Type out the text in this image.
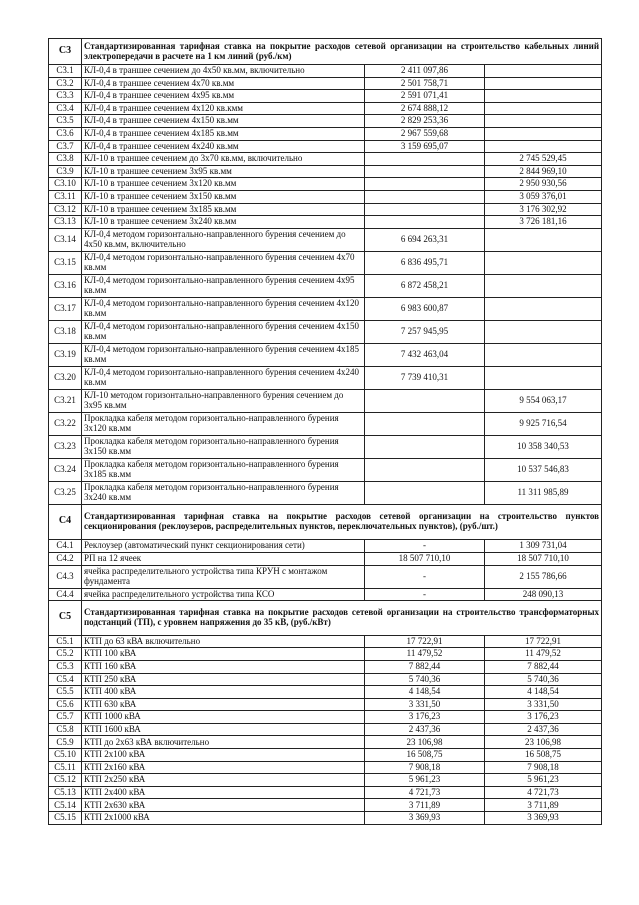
C3	Стандартизированная тарифная ставка на покрытие расходов сетевой организации на строительство кабельных линий электропередачи в расчете на 1 км линий (руб./км)		
C3.1	КЛ-0,4 в траншее сечением до 4х50 кв.мм, включительно	2 411 097,86	
C3.2	КЛ-0,4 в траншее сечением 4х70 кв.мм	2 501 758,71	
C3.3	КЛ-0,4 в траншее сечением 4х95 кв.мм	2 591 071,41	
C3.4	КЛ-0,4 в траншее сечением 4х120 кв.кмм	2 674 888,12	
C3.5	КЛ-0,4 в траншее сечением 4х150 кв.мм	2 829 253,36	
C3.6	КЛ-0,4 в траншее сечением 4х185 кв.мм	2 967 559,68	
C3.7	КЛ-0,4 в траншее сечением 4х240 кв.мм	3 159 695,07	
C3.8	КЛ-10 в траншее сечением до 3х70 кв.мм, включительно		2 745 529,45
C3.9	КЛ-10 в траншее сечением 3х95 кв.мм		2 844 969,10
C3.10	КЛ-10 в траншее сечением 3х120 кв.мм		2 950 930,56
C3.11	КЛ-10 в траншее сечением 3х150 кв.мм		3 059 376,01
C3.12	КЛ-10 в траншее сечением 3х185 кв.мм		3 176 302,92
C3.13	КЛ-10 в траншее сечением 3х240 кв.мм		3 726 181,16
C3.14	КЛ-0,4 методом горизонтально-направленного бурения сечением до 4х50 кв.мм, включительно	6 694 263,31	
C3.15	КЛ-0,4 методом горизонтально-направленного бурения сечением 4х70 кв.мм	6 836 495,71	
C3.16	КЛ-0,4 методом горизонтально-направленного бурения сечением 4х95 кв.мм	6 872 458,21	
C3.17	КЛ-0,4 методом горизонтально-направленного бурения сечением 4х120 кв.мм	6 983 600,87	
C3.18	КЛ-0,4 методом горизонтально-направленного бурения сечением 4х150 кв.мм	7 257 945,95	
C3.19	КЛ-0,4 методом горизонтально-направленного бурения сечением 4х185 кв.мм	7 432 463,04	
C3.20	КЛ-0,4 методом горизонтально-направленного бурения сечением 4х240 кв.мм	7 739 410,31	
C3.21	КЛ-10 методом горизонтально-направленного бурения сечением до 3х95 кв.мм		9 554 063,17
C3.22	Прокладка кабеля методом горизонтально-направленного бурения 3х120 кв.мм		9 925 716,54
C3.23	Прокладка кабеля методом горизонтально-направленного бурения 3х150 кв.мм		10 358 340,53
C3.24	Прокладка кабеля методом горизонтально-направленного бурения 3х185 кв.мм		10 537 546,83
C3.25	Прокладка кабеля методом горизонтально-направленного бурения 3х240 кв.мм		11 311 985,89
C4	Стандартизированная тарифная ставка на покрытие расходов сетевой организации на строительство пунктов секционирования (реклоузеров, распределительных пунктов, переключательных пунктов), (руб./шт.)		
C4.1	Реклоузер (автоматический пункт секционирования сети)	-	1 309 731,04
C4.2	РП на 12 ячеек	18 507 710,10	18 507 710,10
C4.3	ячейка распределительного устройства типа КРУН с монтажом фундамента	-	2 155 786,66
C4.4	ячейка распределительного устройства типа КСО	-	248 090,13
C5	Стандартизированная тарифная ставка на покрытие расходов сетевой организации на строительство трансформаторных подстанций (ТП), с уровнем напряжения до 35 кВ, (руб./кВт)		
C5.1	КТП до 63 кВА включительно	17 722,91	17 722,91
C5.2	КТП 100 кВА	11 479,52	11 479,52
C5.3	КТП 160 кВА	7 882,44	7 882,44
C5.4	КТП 250 кВА	5 740,36	5 740,36
C5.5	КТП 400 кВА	4 148,54	4 148,54
C5.6	КТП 630 кВА	3 331,50	3 331,50
C5.7	КТП 1000 кВА	3 176,23	3 176,23
C5.8	КТП 1600 кВА	2 437,36	2 437,36
C5.9	КТП до 2х63 кВА включительно	23 106,98	23 106,98
C5.10	КТП 2х100 кВА	16 508,75	16 508,75
C5.11	КТП 2х160 кВА	7 908,18	7 908,18
C5.12	КТП 2х250 кВА	5 961,23	5 961,23
C5.13	КТП 2х400 кВА	4 721,73	4 721,73
C5.14	КТП 2х630 кВА	3 711,89	3 711,89
C5.15	КТП 2х1000 кВА	3 369,93	3 369,93
